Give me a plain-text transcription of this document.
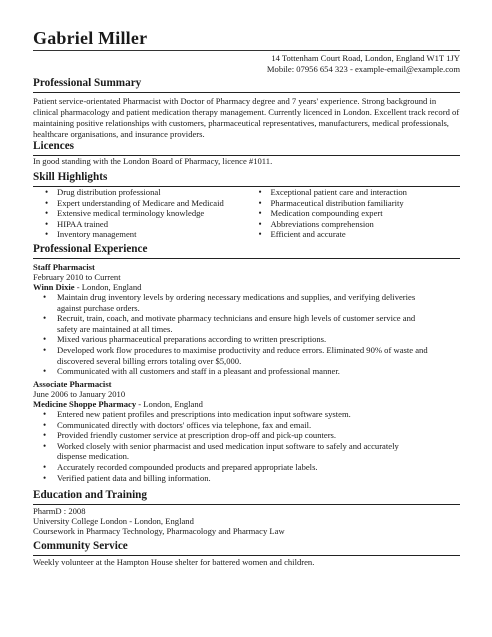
Gabriel Miller
14 Tottenham Court Road, London, England W1T 1JY
Mobile: 07956 654 323 - example-email@example.com
Professional Summary
Patient service-orientated Pharmacist with Doctor of Pharmacy degree and 7 years' experience. Strong background in clinical pharmacology and patient medication therapy management. Currently licenced in London. Excellent track record of maintaining positive relationships with customers, pharmaceutical representatives, manufacturers, medical professionals, healthcare organisations, and insurance providers.
Licences
In good standing with the London Board of Pharmacy, licence #1011.
Skill Highlights
• Drug distribution professional
• Expert understanding of Medicare and Medicaid
• Extensive medical terminology knowledge
• HIPAA trained
• Inventory management
• Exceptional patient care and interaction
• Pharmaceutical distribution familiarity
• Medication compounding expert
• Abbreviations comprehension
• Efficient and accurate
Professional Experience
Staff Pharmacist
February 2010 to Current
Winn Dixie - London, England
• Maintain drug inventory levels by ordering necessary medications and supplies, and verifying deliveries
against purchase orders.
• Recruit, train, coach, and motivate pharmacy technicians and ensure high levels of customer service and
safety are maintained at all times.
• Mixed various pharmaceutical preparations according to written prescriptions.
• Developed work flow procedures to maximise productivity and reduce errors. Eliminated 90% of waste and
discovered several billing errors totaling over $5,000.
• Communicated with all customers and staff in a pleasant and professional manner.
Associate Pharmacist
June 2006 to January 2010
Medicine Shoppe Pharmacy - London, England
• Entered new patient profiles and prescriptions into medication input software system.
• Communicated directly with doctors' offices via telephone, fax and email.
• Provided friendly customer service at prescription drop-off and pick-up counters.
• Worked closely with senior pharmacist and used medication input software to safely and accurately
dispense medication.
• Accurately recorded compounded products and prepared appropriate labels.
• Verified patient data and billing information.
Education and Training
PharmD : 2008
University College London - London, England
Coursework in Pharmacy Technology, Pharmacology and Pharmacy Law
Community Service
Weekly volunteer at the Hampton House shelter for battered women and children.
